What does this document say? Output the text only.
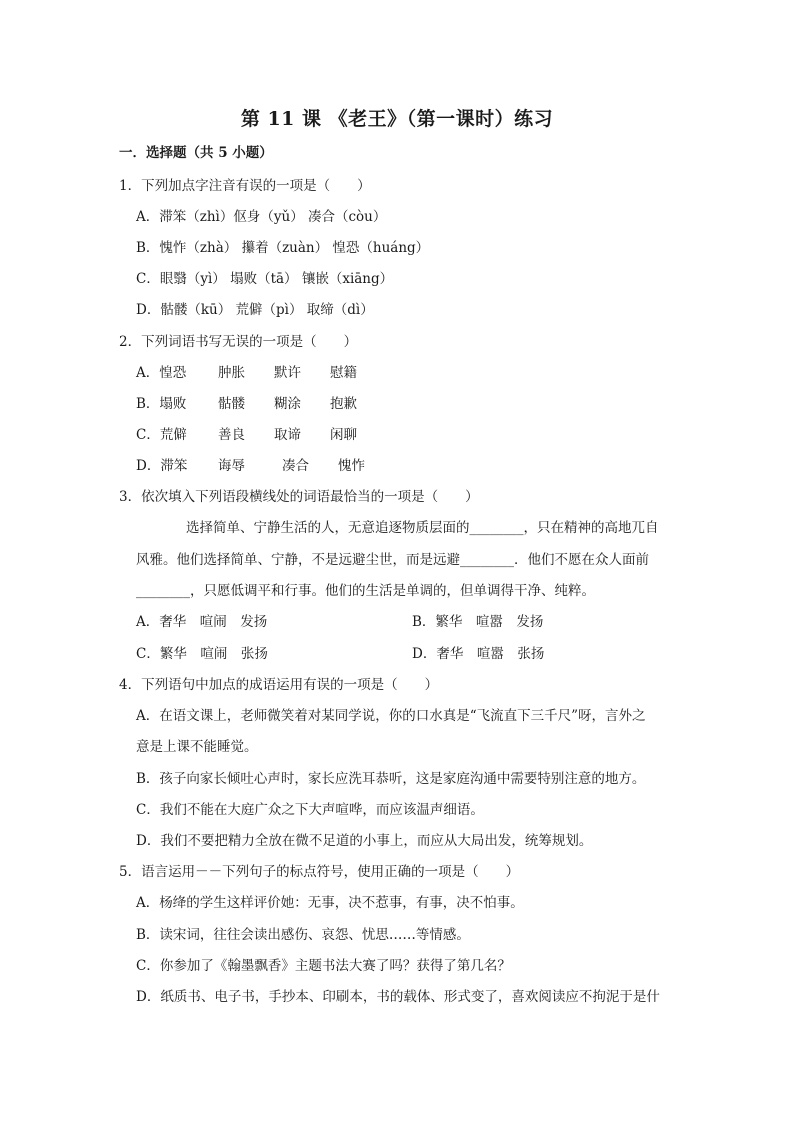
第 11 课 《老王》（第一课时）练习
一．选择题（共 5 小题）
1．下列加点字注音有误的一项是（　　）
A．滞笨（zhì）伛身（yǔ） 凑合（còu）
B．愧怍（zhà） 攥着（zuàn） 惶恐（huáng）
C．眼翳（yì） 塌败（tā） 镶嵌（xiāng）
D．骷髅（kū） 荒僻（pì） 取缔（dì）
2．下列词语书写无误的一项是（　　）
A．惶恐 肿胀 默许 慰籍
B．塌败 骷髅 糊涂 抱歉
C．荒僻 善良 取谛 闲聊
D．滞笨 诲辱	凑合 愧怍
3．依次填入下列语段横线处的词语最恰当的一项是（　　）
选择简单、宁静生活的人，无意追逐物质层面的________，只在精神的高地兀自
风雅。他们选择简单、宁静，不是远避尘世，而是远避________．他们不愿在众人面前
________，只愿低调平和行事。他们的生活是单调的，但单调得干净、纯粹。
A．奢华　喧闹　发扬	B．繁华　喧嚣　发扬
C．繁华　喧闹　张扬	D．奢华　喧嚣　张扬
4．下列语句中加点的成语运用有误的一项是（　　）
A．在语文课上，老师微笑着对某同学说，你的口水真是“飞流直下三千尺”呀，言外之
意是上课不能睡觉。
B．孩子向家长倾吐心声时，家长应洗耳恭听，这是家庭沟通中需要特别注意的地方。
C．我们不能在大庭广众之下大声喧哗，而应该温声细语。
D．我们不要把精力全放在微不足道的小事上，而应从大局出发，统筹规划。
5．语言运用－－下列句子的标点符号，使用正确的一项是（　　）
A．杨绛的学生这样评价她：无事，决不惹事，有事，决不怕事。
B．读宋词，往往会读出感伤、哀怨、忧思……等情感。
C．你参加了《翰墨飘香》主题书法大赛了吗？获得了第几名？
D．纸质书、电子书，手抄本、印刷本，书的载体、形式变了，喜欢阅读应不拘泥于是什
